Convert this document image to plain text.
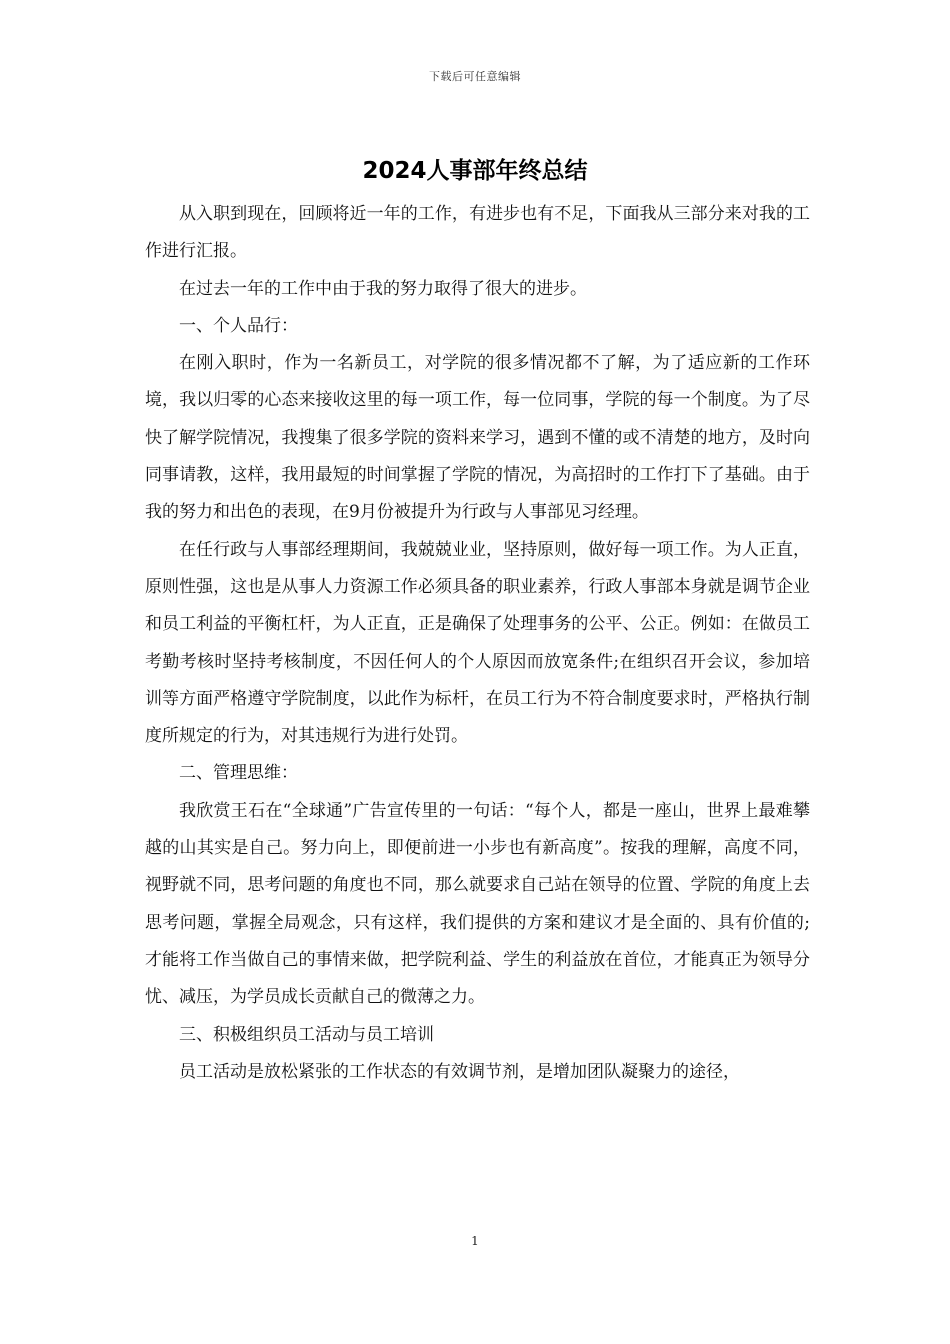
下载后可任意编辑
2024人事部年终总结

从入职到现在，回顾将近一年的工作，有进步也有不足，下面我从三部分来对我的工作进行汇报。

在过去一年的工作中由于我的努力取得了很大的进步。

一、个人品行：

在刚入职时，作为一名新员工，对学院的很多情况都不了解，为了适应新的工作环境，我以归零的心态来接收这里的每一项工作，每一位同事，学院的每一个制度。为了尽快了解学院情况，我搜集了很多学院的资料来学习，遇到不懂的或不清楚的地方，及时向同事请教，这样，我用最短的时间掌握了学院的情况，为高招时的工作打下了基础。由于我的努力和出色的表现，在9月份被提升为行政与人事部见习经理。

在任行政与人事部经理期间，我兢兢业业，坚持原则，做好每一项工作。为人正直，原则性强，这也是从事人力资源工作必须具备的职业素养，行政人事部本身就是调节企业和员工利益的平衡杠杆，为人正直，正是确保了处理事务的公平、公正。例如：在做员工考勤考核时坚持考核制度，不因任何人的个人原因而放宽条件;在组织召开会议，参加培训等方面严格遵守学院制度，以此作为标杆，在员工行为不符合制度要求时，严格执行制度所规定的行为，对其违规行为进行处罚。

二、管理思维：

我欣赏王石在“全球通”广告宣传里的一句话：“每个人，都是一座山，世界上最难攀越的山其实是自己。努力向上，即便前进一小步也有新高度”。按我的理解，高度不同，视野就不同，思考问题的角度也不同，那么就要求自己站在领导的位置、学院的角度上去思考问题，掌握全局观念，只有这样，我们提供的方案和建议才是全面的、具有价值的;才能将工作当做自己的事情来做，把学院利益、学生的利益放在首位，才能真正为领导分忧、减压，为学员成长贡献自己的微薄之力。

三、积极组织员工活动与员工培训

员工活动是放松紧张的工作状态的有效调节剂，是增加团队凝聚力的途径，

1
